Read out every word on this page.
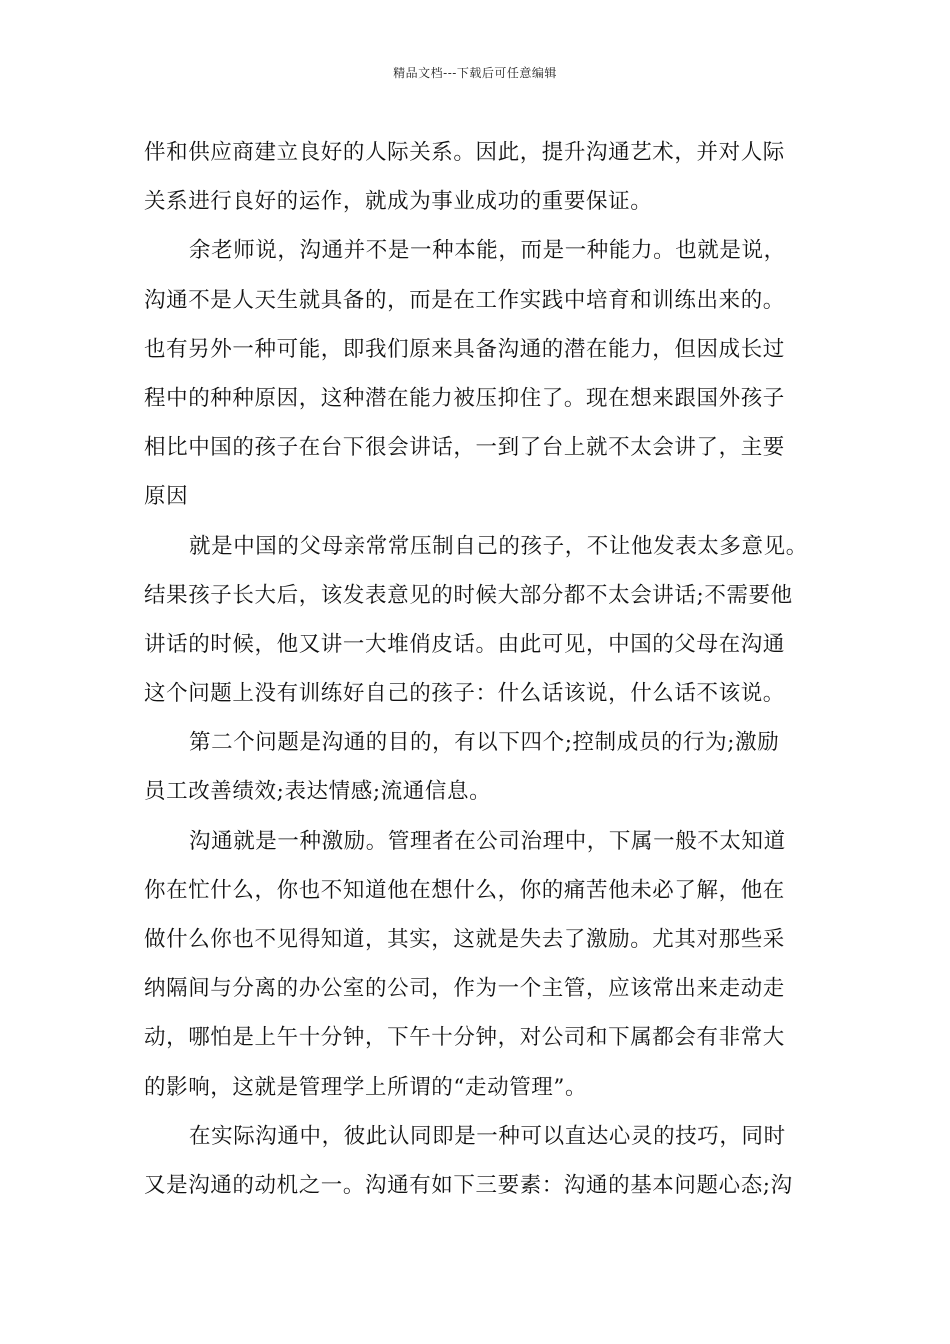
精品文档---下载后可任意编辑
伴和供应商建立良好的人际关系。因此，提升沟通艺术，并对人际
关系进行良好的运作，就成为事业成功的重要保证。
余老师说，沟通并不是一种本能，而是一种能力。也就是说，
沟通不是人天生就具备的，而是在工作实践中培育和训练出来的。
也有另外一种可能，即我们原来具备沟通的潜在能力，但因成长过
程中的种种原因，这种潜在能力被压抑住了。现在想来跟国外孩子
相比中国的孩子在台下很会讲话，一到了台上就不太会讲了，主要
原因
就是中国的父母亲常常压制自己的孩子，不让他发表太多意见。
结果孩子长大后，该发表意见的时候大部分都不太会讲话;不需要他
讲话的时候，他又讲一大堆俏皮话。由此可见，中国的父母在沟通
这个问题上没有训练好自己的孩子：什么话该说，什么话不该说。
第二个问题是沟通的目的，有以下四个;控制成员的行为;激励
员工改善绩效;表达情感;流通信息。
沟通就是一种激励。管理者在公司治理中，下属一般不太知道
你在忙什么，你也不知道他在想什么，你的痛苦他未必了解，他在
做什么你也不见得知道，其实，这就是失去了激励。尤其对那些采
纳隔间与分离的办公室的公司，作为一个主管，应该常出来走动走
动，哪怕是上午十分钟，下午十分钟，对公司和下属都会有非常大
的影响，这就是管理学上所谓的“走动管理”。
在实际沟通中，彼此认同即是一种可以直达心灵的技巧，同时
又是沟通的动机之一。沟通有如下三要素：沟通的基本问题心态;沟
